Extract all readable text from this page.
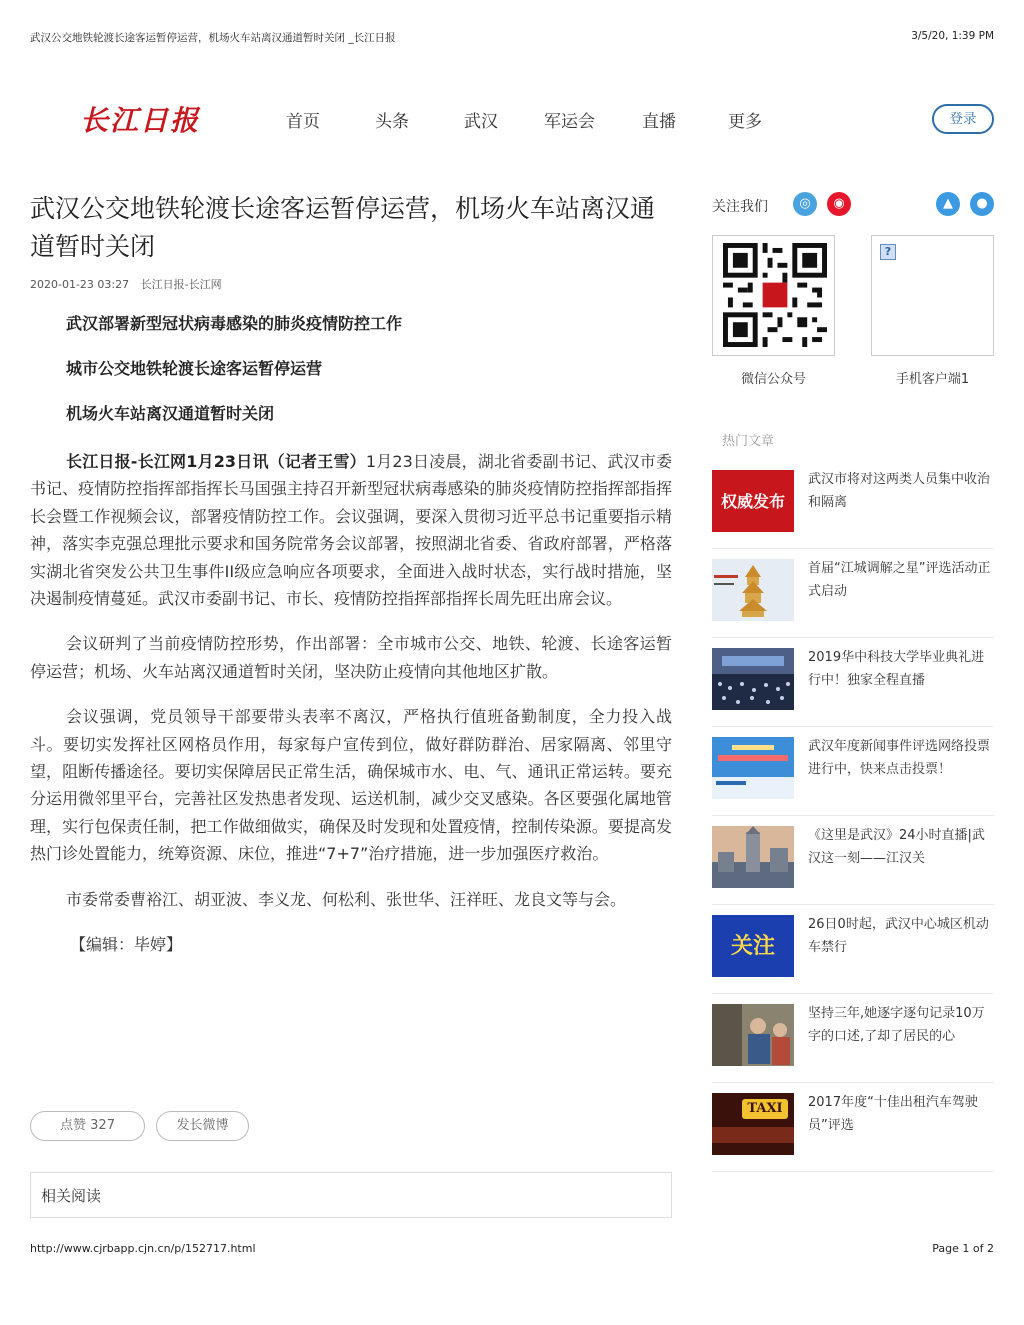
武汉公交地铁轮渡长途客运暂停运营，机场火车站离汉通道暂时关闭 _长江日报	3/5/20, 1:39 PM
长江日报	首页	头条	武汉	军运会	直播	更多	登录
武汉公交地铁轮渡长途客运暂停运营，机场火车站离汉通道暂时关闭
2020-01-23 03:27 长江日报-长江网

武汉部署新型冠状病毒感染的肺炎疫情防控工作

城市公交地铁轮渡长途客运暂停运营

机场火车站离汉通道暂时关闭

长江日报-长江网1月23日讯（记者王雪）1月23日凌晨，湖北省委副书记、武汉市委书记、疫情防控指挥部指挥长马国强主持召开新型冠状病毒感染的肺炎疫情防控指挥部指挥长会暨工作视频会议，部署疫情防控工作。会议强调，要深入贯彻习近平总书记重要指示精神，落实李克强总理批示要求和国务院常务会议部署，按照湖北省委、省政府部署，严格落实湖北省突发公共卫生事件II级应急响应各项要求，全面进入战时状态，实行战时措施，坚决遏制疫情蔓延。武汉市委副书记、市长、疫情防控指挥部指挥长周先旺出席会议。

会议研判了当前疫情防控形势，作出部署：全市城市公交、地铁、轮渡、长途客运暂停运营；机场、火车站离汉通道暂时关闭，坚决防止疫情向其他地区扩散。

会议强调，党员领导干部要带头表率不离汉，严格执行值班备勤制度，全力投入战斗。要切实发挥社区网格员作用，每家每户宣传到位，做好群防群治、居家隔离、邻里守望，阻断传播途径。要切实保障居民正常生活，确保城市水、电、气、通讯正常运转。要充分运用微邻里平台，完善社区发热患者发现、运送机制，减少交叉感染。各区要强化属地管理，实行包保责任制，把工作做细做实，确保及时发现和处置疫情，控制传染源。要提高发热门诊处置能力，统筹资源、床位，推进“7+7”治疗措施，进一步加强医疗救治。

市委常委曹裕江、胡亚波、李义龙、何松利、张世华、汪祥旺、龙良文等与会。

【编辑：毕婷】

点赞 327	发长微博
相关阅读
关注我们	◎	◉	▲	●
?
微信公众号	手机客户端1
热门文章
权威发布
武汉市将对这两类人员集中收治和隔离
首届“江城调解之星”评选活动正式启动
2019华中科技大学毕业典礼进行中！独家全程直播
武汉年度新闻事件评选网络投票进行中，快来点击投票！
《这里是武汉》24小时直播|武汉这一刻——江汉关
关注
26日0时起，武汉中心城区机动车禁行
坚持三年,她逐字逐句记录10万字的口述,了却了居民的心
TAXI	2017年度“十佳出租汽车驾驶员”评选
http://www.cjrbapp.cjn.cn/p/152717.html	Page 1 of 2
